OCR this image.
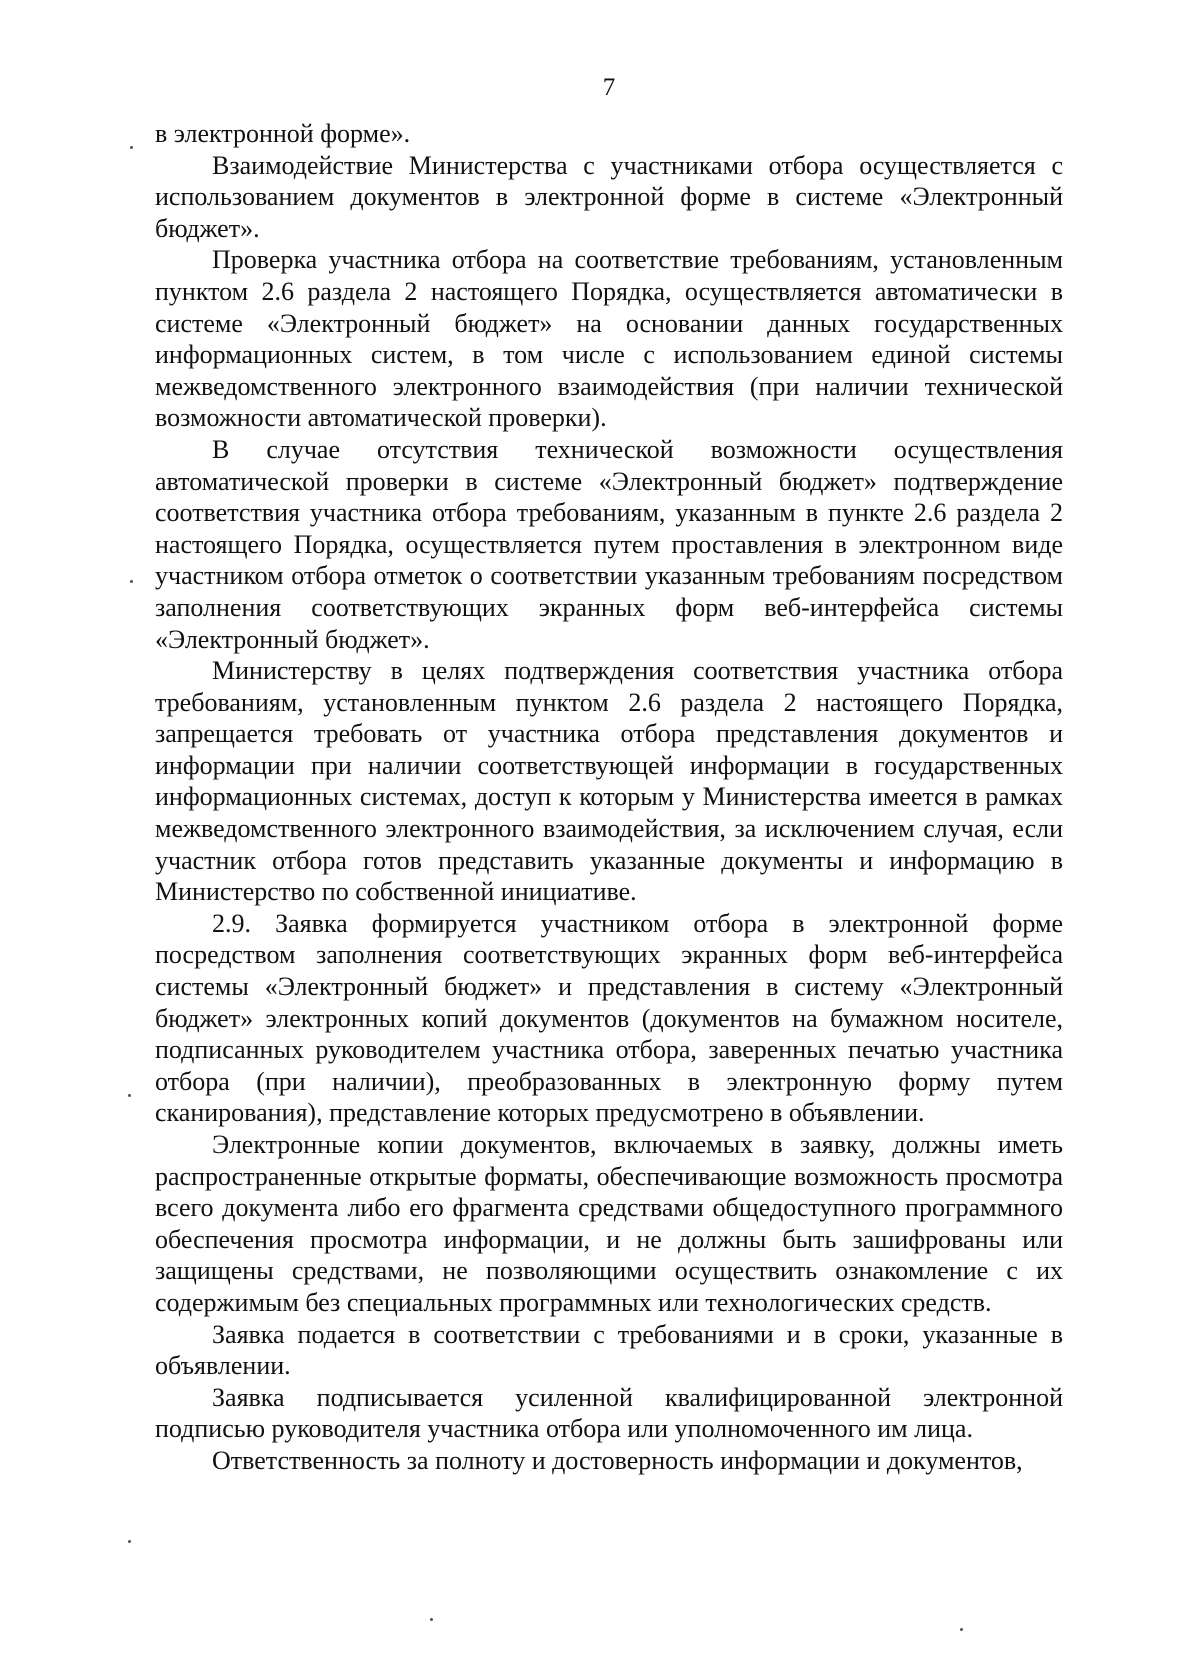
7

в электронной форме».

Взаимодействие Министерства с участниками отбора осуществляется с использованием документов в электронной форме в системе «Электронный бюджет».

Проверка участника отбора на соответствие требованиям, установленным пунктом 2.6 раздела 2 настоящего Порядка, осуществляется автоматически в системе «Электронный бюджет» на основании данных государственных информационных систем, в том числе с использованием единой системы межведомственного электронного взаимодействия (при наличии технической возможности автоматической проверки).

В случае отсутствия технической возможности осуществления автоматической проверки в системе «Электронный бюджет» подтверждение соответствия участника отбора требованиям, указанным в пункте 2.6 раздела 2 настоящего Порядка, осуществляется путем проставления в электронном виде участником отбора отметок о соответствии указанным требованиям посредством заполнения соответствующих экранных форм веб-интерфейса системы «Электронный бюджет».

Министерству в целях подтверждения соответствия участника отбора требованиям, установленным пунктом 2.6 раздела 2 настоящего Порядка, запрещается требовать от участника отбора представления документов и информации при наличии соответствующей информации в государственных информационных системах, доступ к которым у Министерства имеется в рамках межведомственного электронного взаимодействия, за исключением случая, если участник отбора готов представить указанные документы и информацию в Министерство по собственной инициативе.

2.9. Заявка формируется участником отбора в электронной форме посредством заполнения соответствующих экранных форм веб-интерфейса системы «Электронный бюджет» и представления в систему «Электронный бюджет» электронных копий документов (документов на бумажном носителе, подписанных руководителем участника отбора, заверенных печатью участника отбора (при наличии), преобразованных в электронную форму путем сканирования), представление которых предусмотрено в объявлении.

Электронные копии документов, включаемых в заявку, должны иметь распространенные открытые форматы, обеспечивающие возможность просмотра всего документа либо его фрагмента средствами общедоступного программного обеспечения просмотра информации, и не должны быть зашифрованы или защищены средствами, не позволяющими осуществить ознакомление с их содержимым без специальных программных или технологических средств.

Заявка подается в соответствии с требованиями и в сроки, указанные в объявлении.

Заявка подписывается усиленной квалифицированной электронной подписью руководителя участника отбора или уполномоченного им лица.

Ответственность за полноту и достоверность информации и документов,
